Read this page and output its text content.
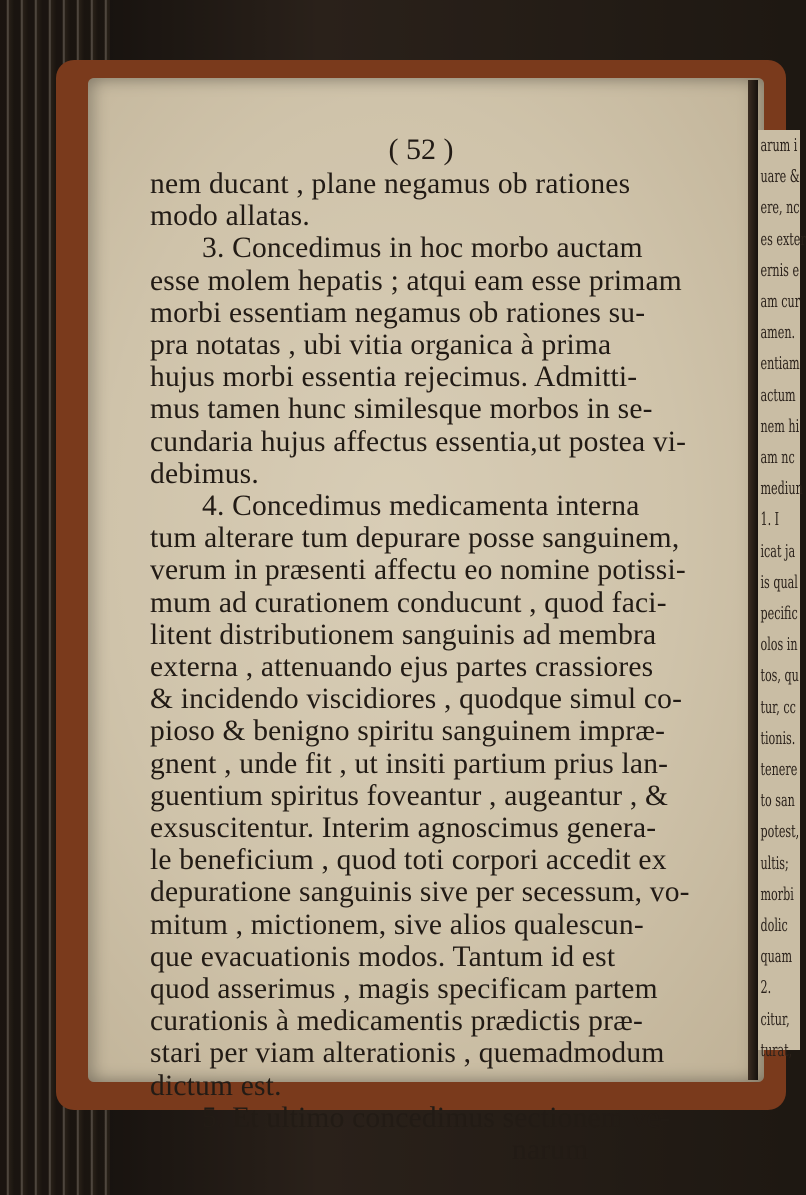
arum i
uare &
ere, nc
es exter
ernis e
am cur
amen.
entiam
actum
nem hi
am nc
mediun
1. I
icat ja
is qual
pecific
olos in
tos, qu
tur, cc
tionis.
tenere
to san
potest,
ultis;
morbi
dolic
quam
2.
citur,
turat,
( 52 )
nem ducant , plane negamus ob rationes
modo allatas.
3. Concedimus in hoc morbo auctam
esse molem hepatis ; atqui eam esse primam
morbi essentiam negamus ob rationes su-
pra notatas , ubi vitia organica à prima
hujus morbi essentia rejecimus. Admitti-
mus tamen hunc similesque morbos in se-
cundaria hujus affectus essentia,ut postea vi-
debimus.
4. Concedimus medicamenta interna
tum alterare tum depurare posse sanguinem,
verum in præsenti affectu eo nomine potissi-
mum ad curationem conducunt , quod faci-
litent distributionem sanguinis ad membra
externa , attenuando ejus partes crassiores
& incidendo viscidiores , quodque simul co-
pioso & benigno spiritu sanguinem impræ-
gnent , unde fit , ut insiti partium prius lan-
guentium spiritus foveantur , augeantur , &
exsuscitentur. Interim agnoscimus genera-
le beneficium , quod toti corpori accedit ex
depuratione sanguinis sive per secessum, vo-
mitum , mictionem, sive alios qualescun-
que evacuationis modos. Tantum id est
quod asserimus , magis specificam partem
curationis à medicamentis prædictis præ-
stari per viam alterationis , quemadmodum
dictum est.
5. Et ultimo concedimus sectionem ve-
narum
